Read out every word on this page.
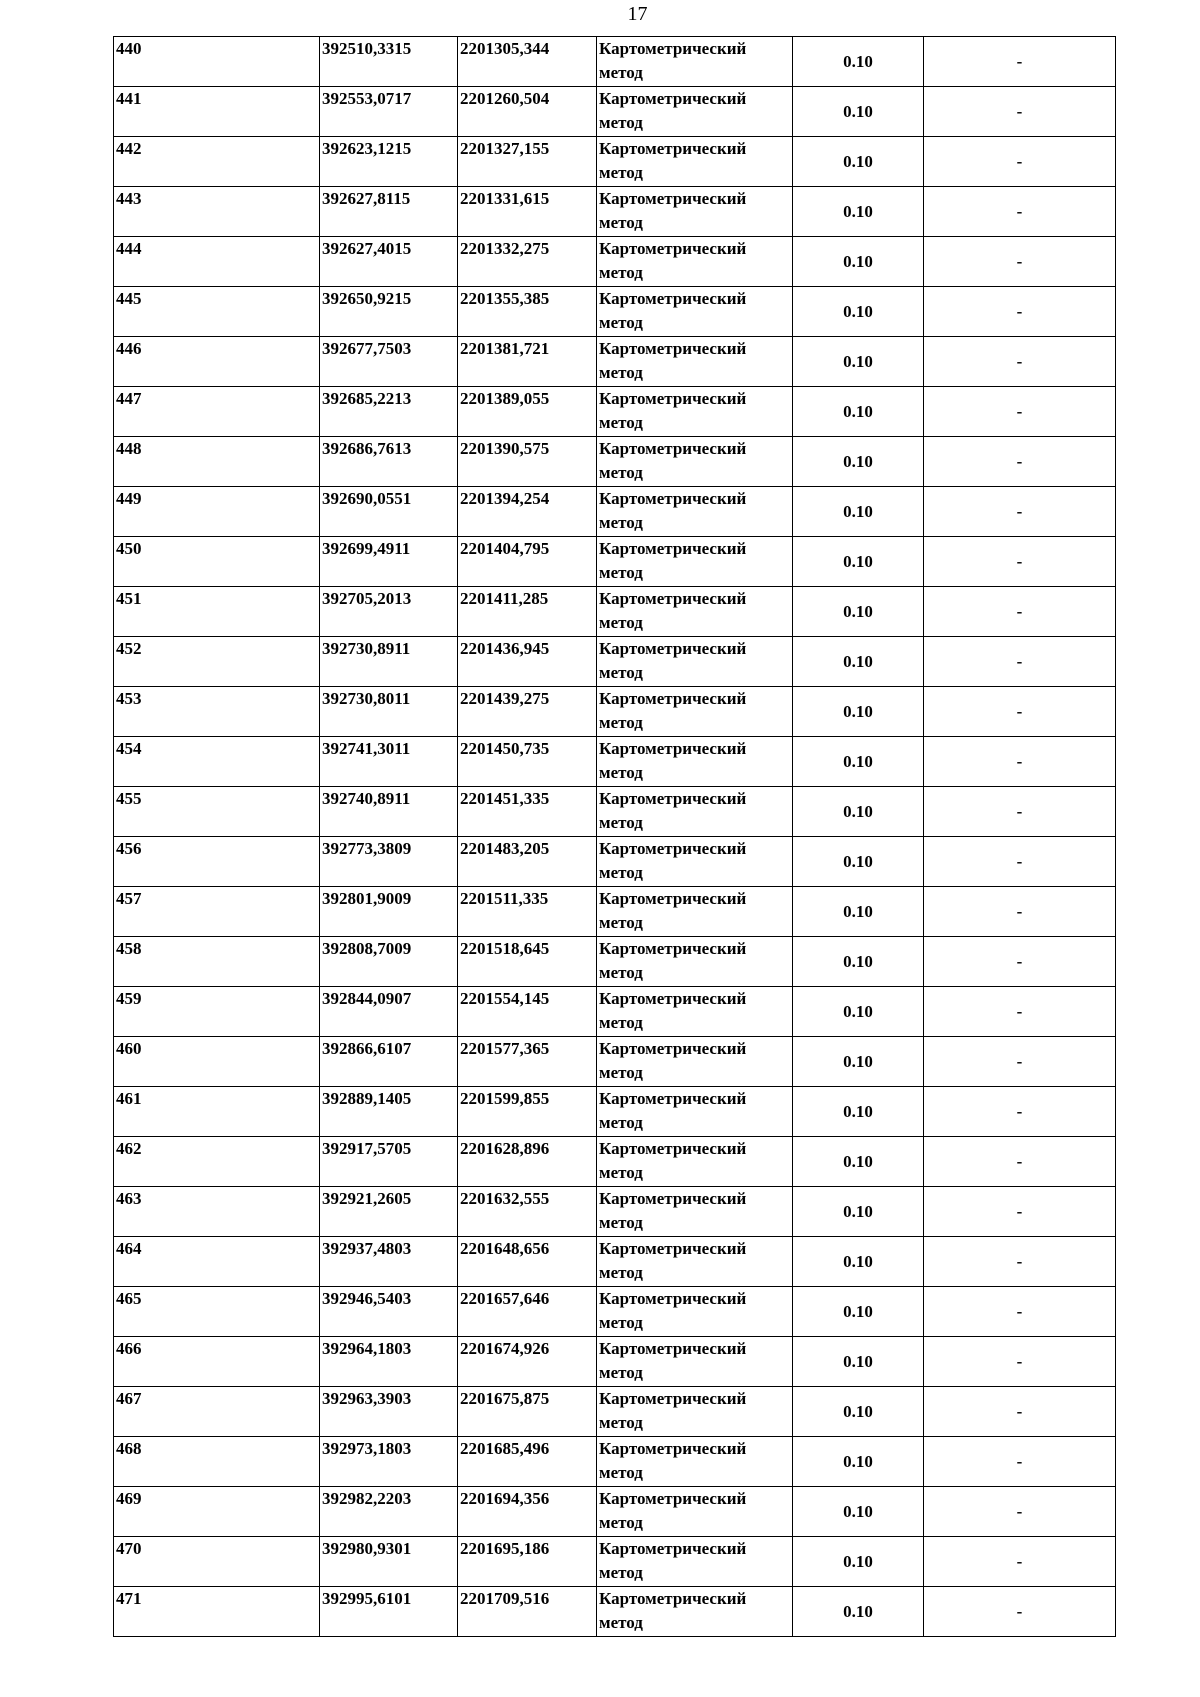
17
440	392510,3315	2201305,344	Картометрический
метод	0.10	-
441	392553,0717	2201260,504	Картометрический
метод	0.10	-
442	392623,1215	2201327,155	Картометрический
метод	0.10	-
443	392627,8115	2201331,615	Картометрический
метод	0.10	-
444	392627,4015	2201332,275	Картометрический
метод	0.10	-
445	392650,9215	2201355,385	Картометрический
метод	0.10	-
446	392677,7503	2201381,721	Картометрический
метод	0.10	-
447	392685,2213	2201389,055	Картометрический
метод	0.10	-
448	392686,7613	2201390,575	Картометрический
метод	0.10	-
449	392690,0551	2201394,254	Картометрический
метод	0.10	-
450	392699,4911	2201404,795	Картометрический
метод	0.10	-
451	392705,2013	2201411,285	Картометрический
метод	0.10	-
452	392730,8911	2201436,945	Картометрический
метод	0.10	-
453	392730,8011	2201439,275	Картометрический
метод	0.10	-
454	392741,3011	2201450,735	Картометрический
метод	0.10	-
455	392740,8911	2201451,335	Картометрический
метод	0.10	-
456	392773,3809	2201483,205	Картометрический
метод	0.10	-
457	392801,9009	2201511,335	Картометрический
метод	0.10	-
458	392808,7009	2201518,645	Картометрический
метод	0.10	-
459	392844,0907	2201554,145	Картометрический
метод	0.10	-
460	392866,6107	2201577,365	Картометрический
метод	0.10	-
461	392889,1405	2201599,855	Картометрический
метод	0.10	-
462	392917,5705	2201628,896	Картометрический
метод	0.10	-
463	392921,2605	2201632,555	Картометрический
метод	0.10	-
464	392937,4803	2201648,656	Картометрический
метод	0.10	-
465	392946,5403	2201657,646	Картометрический
метод	0.10	-
466	392964,1803	2201674,926	Картометрический
метод	0.10	-
467	392963,3903	2201675,875	Картометрический
метод	0.10	-
468	392973,1803	2201685,496	Картометрический
метод	0.10	-
469	392982,2203	2201694,356	Картометрический
метод	0.10	-
470	392980,9301	2201695,186	Картометрический
метод	0.10	-
471	392995,6101	2201709,516	Картометрический
метод	0.10	-
